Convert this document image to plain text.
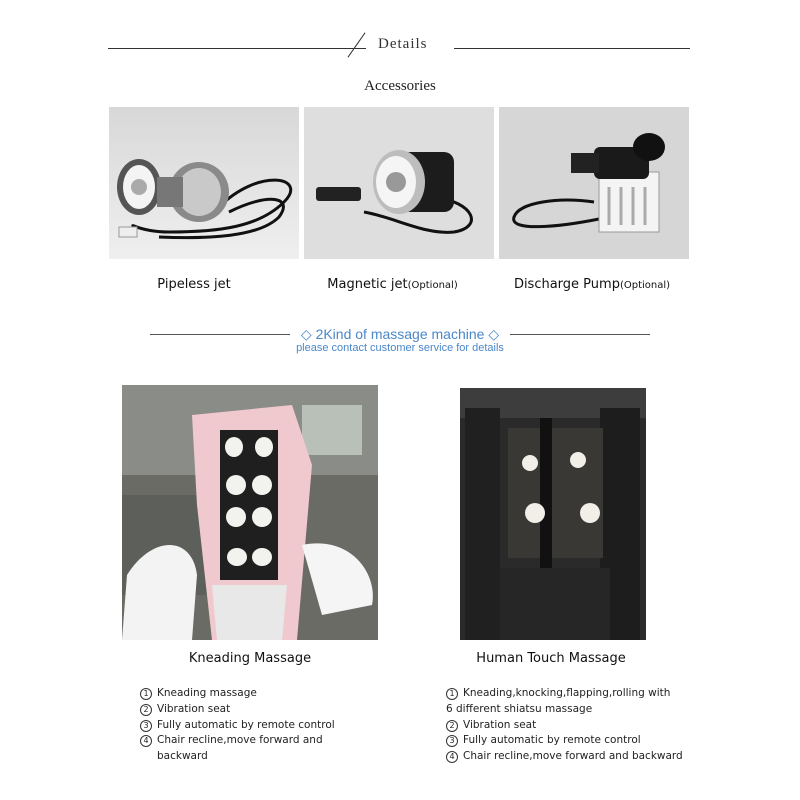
Details
Accessories
Pipeless jet	Magnetic jet(Optional)	Discharge Pump(Optional)
◇ 2Kind of massage machine ◇
please contact customer service for details
Kneading Massage	Human Touch Massage
1 Kneading massage
2 Vibration seat
3 Fully automatic by remote control
4 Chair recline,move forward and
backward
1 Kneading,knocking,flapping,rolling with
6 different shiatsu massage
2 Vibration seat
3 Fully automatic by remote control
4 Chair recline,move forward and backward
